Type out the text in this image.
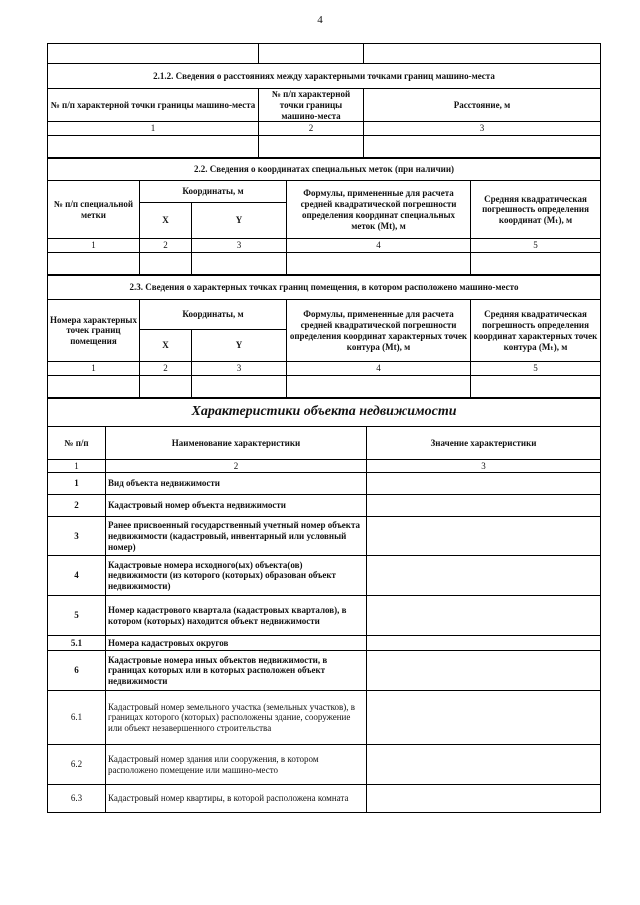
4

2.1.2. Сведения о расстояниях между характерными точками границ машино-места		
№ п/п характерной точки границы машино-места	№ п/п характерной точки границы машино-места	Расстояние, м
1	2	3

2.2. Сведения о координатах специальных меток (при наличии)				
№ п/п специальной метки	Координаты, м		Формулы, примененные для расчета средней квадратической погрешности определения координат специальных меток (Mt), м	Средняя квадратическая погрешность определения координат (Mₜ), м
	X	Y		
1	2	3	4	5

2.3. Сведения о характерных точках границ помещения, в котором расположено машино-место				
Номера характерных точек границ помещения	Координаты, м		Формулы, примененные для расчета средней квадратической погрешности определения координат характерных точек контура (Mt), м	Средняя квадратическая погрешность определения координат характерных точек контура (Mₜ), м
	X	Y		
1	2	3	4	5

Характеристики объекта недвижимости		
№ п/п	Наименование характеристики	Значение характеристики
1	2	3
1	Вид объекта недвижимости	
2	Кадастровый номер объекта недвижимости	
3	Ранее присвоенный государственный учетный номер объекта недвижимости (кадастровый, инвентарный или условный номер)	
4	Кадастровые номера исходного(ых) объекта(ов) недвижимости (из которого (которых) образован объект недвижимости)	
5	Номер кадастрового квартала (кадастровых кварталов), в котором (которых) находится объект недвижимости	
5.1	Номера кадастровых округов	
6	Кадастровые номера иных объектов недвижимости, в границах которых или в которых расположен объект недвижимости	
6.1	Кадастровый номер земельного участка (земельных участков), в границах которого (которых) расположены здание, сооружение или объект незавершенного строительства	
6.2	Кадастровый номер здания или сооружения, в котором расположено помещение или машино-место	
6.3	Кадастровый номер квартиры, в которой расположена комната	
